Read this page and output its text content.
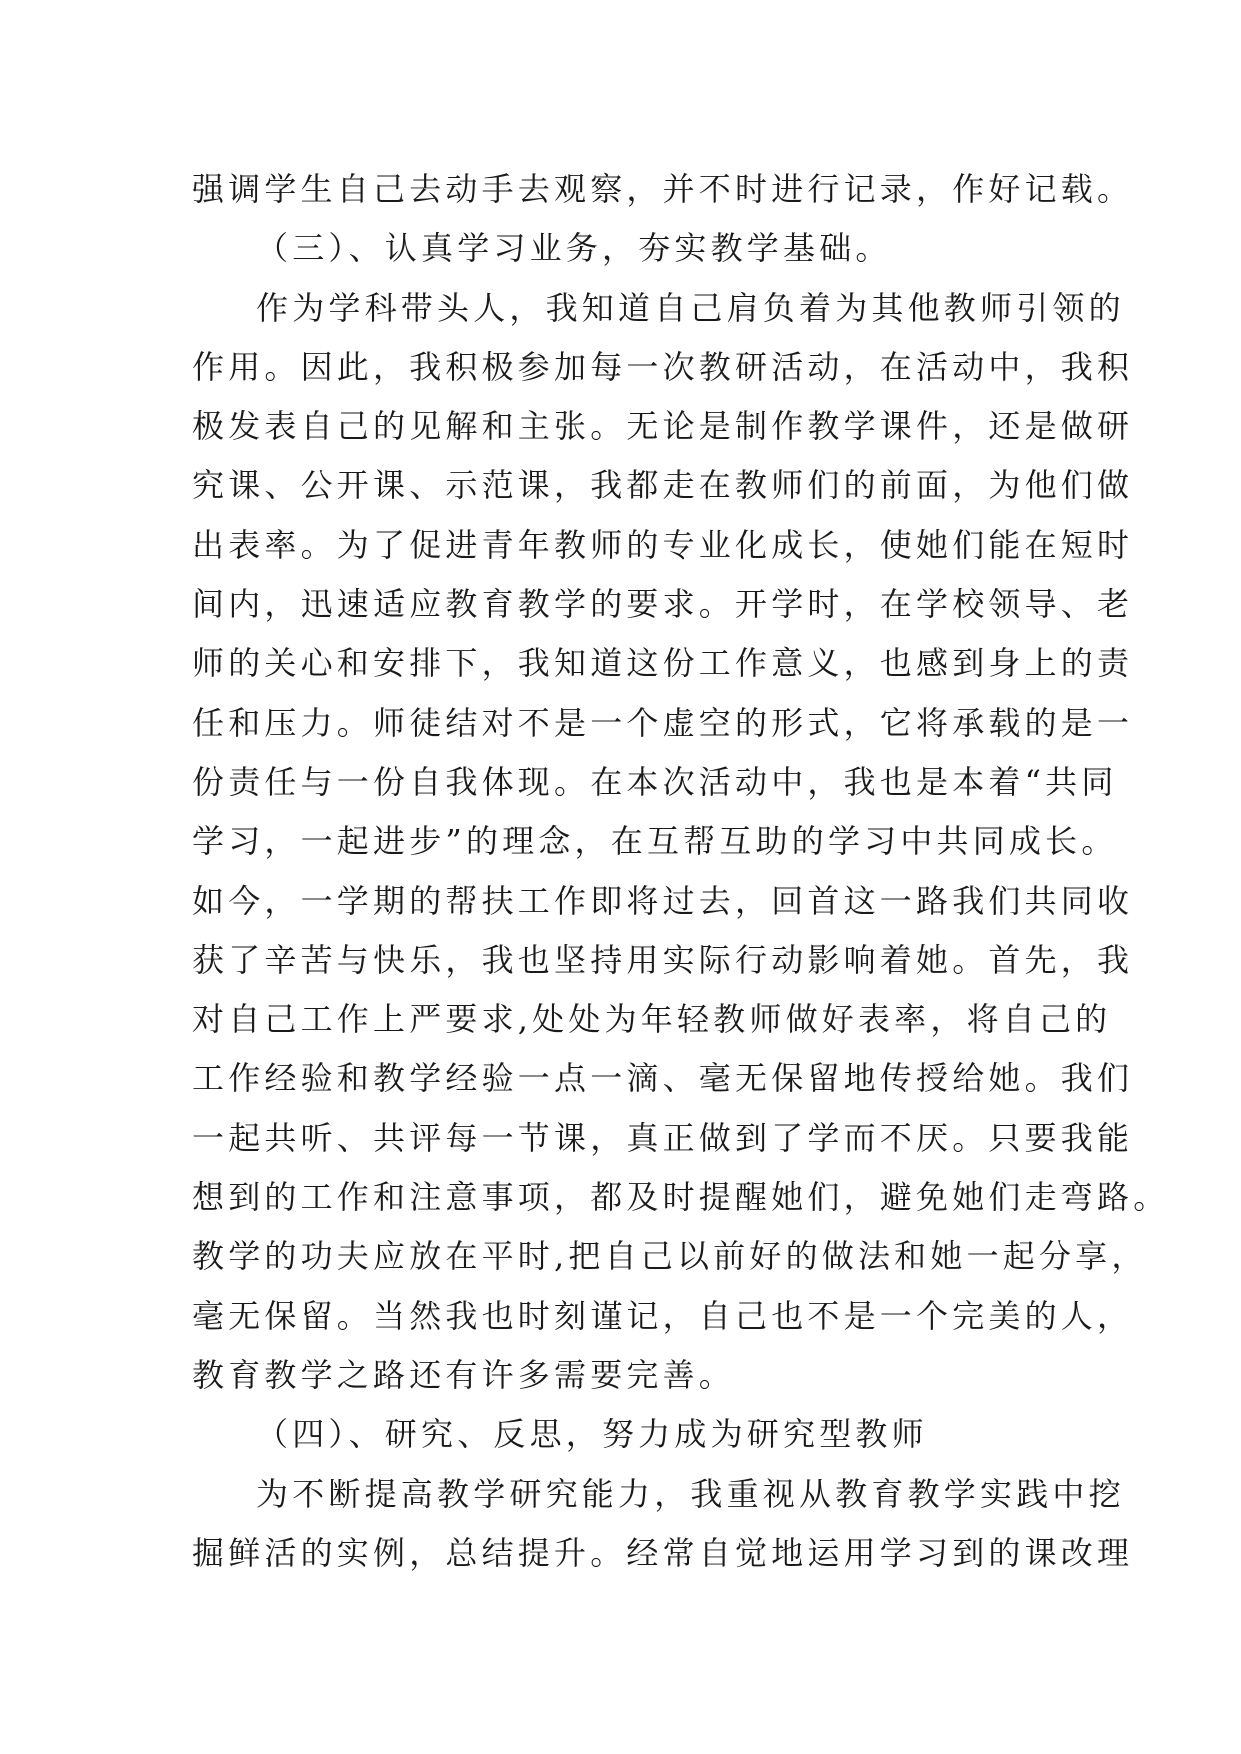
强调学生自己去动手去观察，并不时进行记录，作好记载。
（三）、认真学习业务，夯实教学基础。
作为学科带头人，我知道自己肩负着为其他教师引领的
作用。因此，我积极参加每一次教研活动，在活动中，我积
极发表自己的见解和主张。无论是制作教学课件，还是做研
究课、公开课、示范课，我都走在教师们的前面，为他们做
出表率。为了促进青年教师的专业化成长，使她们能在短时
间内，迅速适应教育教学的要求。开学时，在学校领导、老
师的关心和安排下，我知道这份工作意义，也感到身上的责
任和压力。师徒结对不是一个虚空的形式，它将承载的是一
份责任与一份自我体现。在本次活动中，我也是本着“共同
学习，一起进步”的理念，在互帮互助的学习中共同成长。
如今，一学期的帮扶工作即将过去，回首这一路我们共同收
获了辛苦与快乐，我也坚持用实际行动影响着她。首先，我
对自己工作上严要求,处处为年轻教师做好表率，将自己的
工作经验和教学经验一点一滴、毫无保留地传授给她。我们
一起共听、共评每一节课，真正做到了学而不厌。只要我能
想到的工作和注意事项，都及时提醒她们，避免她们走弯路。
教学的功夫应放在平时,把自己以前好的做法和她一起分享，
毫无保留。当然我也时刻谨记，自己也不是一个完美的人，
教育教学之路还有许多需要完善。
（四）、研究、反思，努力成为研究型教师
为不断提高教学研究能力，我重视从教育教学实践中挖
掘鲜活的实例，总结提升。经常自觉地运用学习到的课改理
